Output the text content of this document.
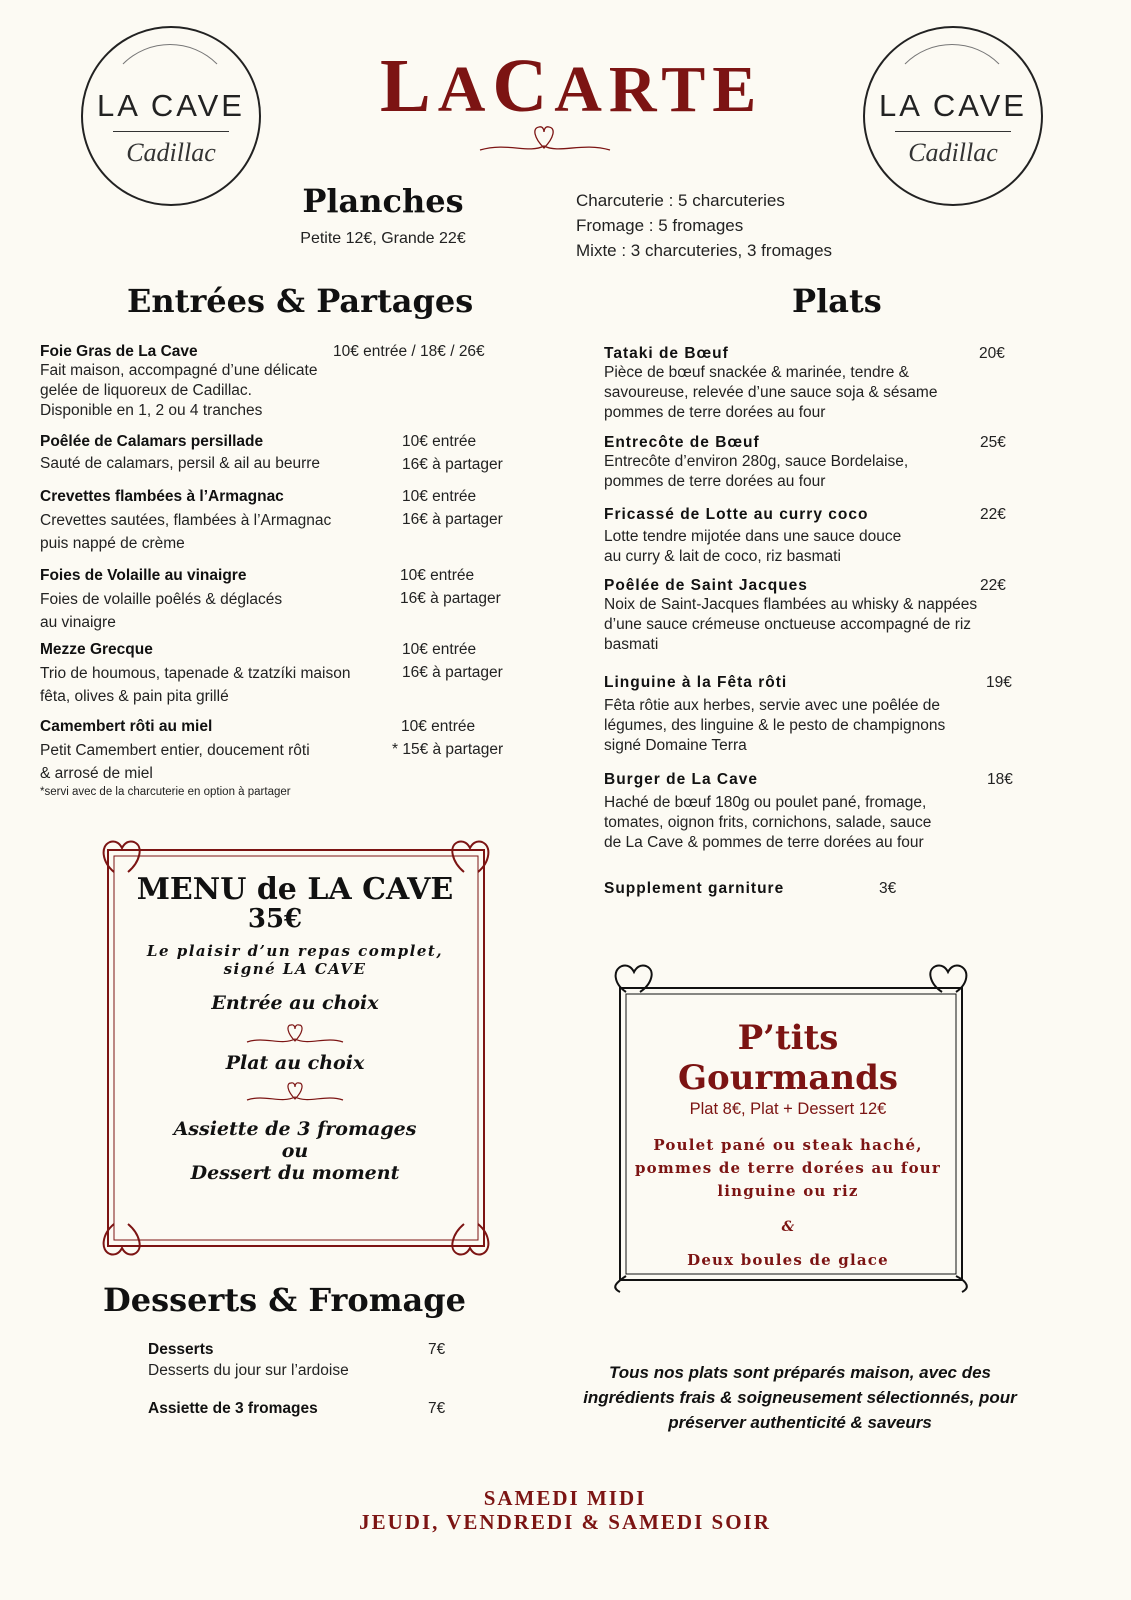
LA CAVE
Cadillac
LA CAVE
Cadillac
LACARTE
Planches
Petite 12€, Grande 22€
Charcuterie : 5 charcuteries
Fromage : 5 fromages
Mixte : 3 charcuteries, 3 fromages
Entrées & Partages
Foie Gras de La Cave	10€ entrée / 18€ / 26€
Fait maison, accompagné d’une délicate
gelée de liquoreux de Cadillac.
Disponible en 1, 2 ou 4 tranches
Poêlée de Calamars persillade
Sauté de calamars, persil & ail au beurre
10€ entrée
16€ à partager
Crevettes flambées à l’Armagnac
Crevettes sautées, flambées à l’Armagnac
puis nappé de crème
10€ entrée
16€ à partager
Foies de Volaille au vinaigre
Foies de volaille poêlés & déglacés
au vinaigre
10€ entrée
16€ à partager
Mezze Grecque
Trio de houmous, tapenade & tzatzíki maison
fêta, olives & pain pita grillé
10€ entrée
16€ à partager
Camembert rôti au miel
Petit Camembert entier, doucement rôti
& arrosé de miel
10€ entrée
* 15€ à partager
*servi avec de la charcuterie en option à partager
Plats
Tataki de Bœuf	20€
Pièce de bœuf snackée & marinée, tendre &
savoureuse, relevée d’une sauce soja & sésame
pommes de terre dorées au four
Entrecôte de Bœuf	25€
Entrecôte d’environ 280g, sauce Bordelaise,
pommes de terre dorées au four
Fricassé de Lotte au curry coco	22€
Lotte tendre mijotée dans une sauce douce
au curry & lait de coco, riz basmati
Poêlée de Saint Jacques	22€
Noix de Saint-Jacques flambées au whisky & nappées
d’une sauce crémeuse onctueuse accompagné de riz
basmati
Linguine à la Fêta rôti	19€
Fêta rôtie aux herbes, servie avec une poêlée de
légumes, des linguine & le pesto de champignons
signé Domaine Terra
Burger de La Cave	18€
Haché de bœuf 180g ou poulet pané, fromage,
tomates, oignon frits, cornichons, salade, sauce
de La Cave & pommes de terre dorées au four
Supplement garniture	3€
MENU de LA CAVE
35€
Le plaisir d’un repas complet,
signé LA CAVE
Entrée au choix
Plat au choix
Assiette de 3 fromages
ou
Dessert du moment
P’tits Gourmands
Plat 8€, Plat + Dessert 12€
Poulet pané ou steak haché,
pommes de terre dorées au four
linguine ou riz
&
Deux boules de glace
Desserts & Fromage
Desserts	7€
Desserts du jour sur l’ardoise
Assiette de 3 fromages	7€
Tous nos plats sont préparés maison, avec des
ingrédients frais & soigneusement sélectionnés, pour
préserver authenticité & saveurs
SAMEDI MIDI
JEUDI, VENDREDI & SAMEDI SOIR
